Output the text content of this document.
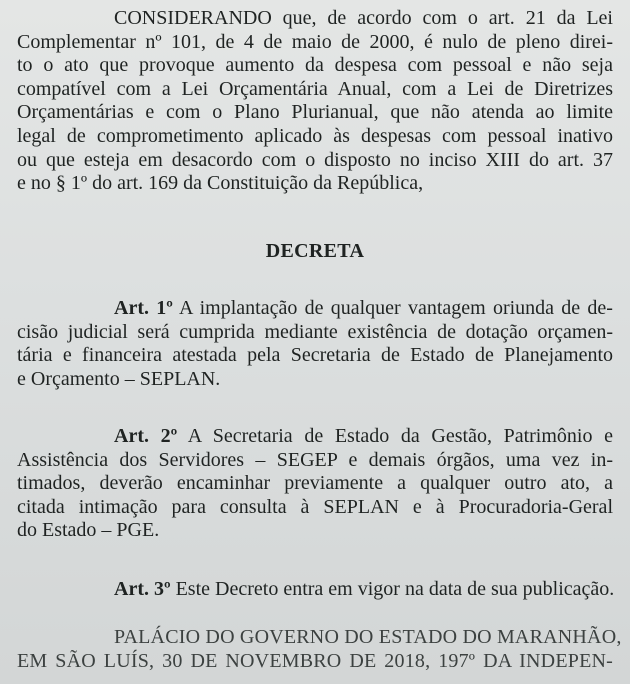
CONSIDERANDO que, de acordo com o art. 21 da Lei
Complementar nº 101, de 4 de maio de 2000, é nulo de pleno direi-
to o ato que provoque aumento da despesa com pessoal e não seja
compatível com a Lei Orçamentária Anual, com a Lei de Diretrizes
Orçamentárias e com o Plano Plurianual, que não atenda ao limite
legal de comprometimento aplicado às despesas com pessoal inativo
ou que esteja em desacordo com o disposto no inciso XIII do art. 37
e no § 1º do art. 169 da Constituição da República,
DECRETA
Art. 1º A implantação de qualquer vantagem oriunda de de-
cisão judicial será cumprida mediante existência de dotação orçamen-
tária e financeira atestada pela Secretaria de Estado de Planejamento
e Orçamento – SEPLAN.
Art. 2º A Secretaria de Estado da Gestão, Patrimônio e
Assistência dos Servidores – SEGEP e demais órgãos, uma vez in-
timados, deverão encaminhar previamente a qualquer outro ato, a
citada intimação para consulta à SEPLAN e à Procuradoria-Geral
do Estado – PGE.
Art. 3º Este Decreto entra em vigor na data de sua publicação.
PALÁCIO DO GOVERNO DO ESTADO DO MARANHÃO,
EM SÃO LUÍS, 30 DE NOVEMBRO DE 2018, 197º DA INDEPEN-
